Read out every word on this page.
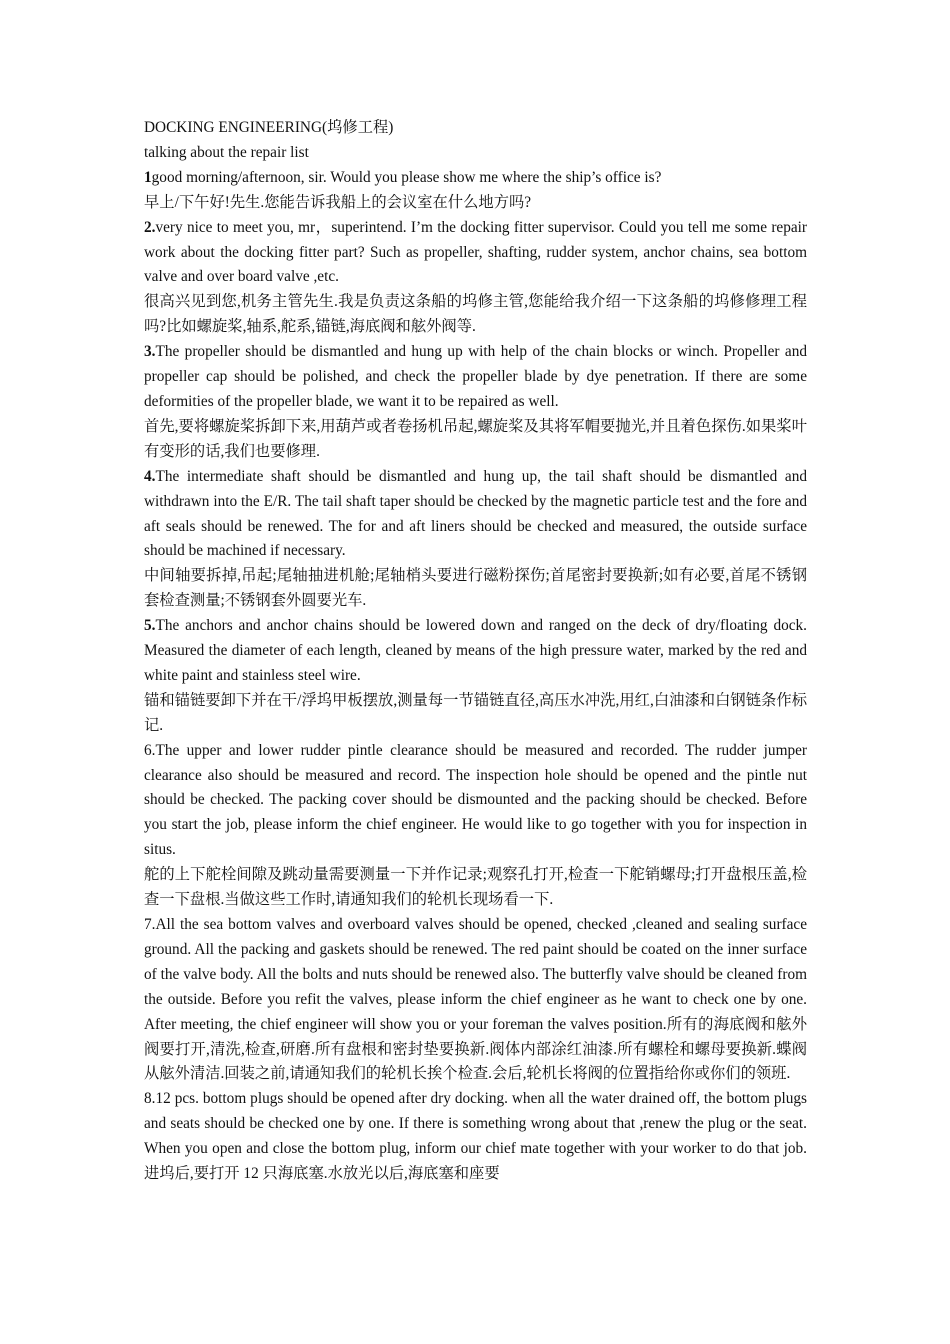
DOCKING ENGINEERING(坞修工程)

talking about the repair list

1good morning/afternoon, sir. Would you please show me where the ship’s office is?

早上/下午好!先生.您能告诉我船上的会议室在什么地方吗?

2.very nice to meet you, mr，superintend. I’m the docking fitter supervisor. Could you tell me some repair work about the docking fitter part? Such as propeller, shafting, rudder system, anchor chains, sea bottom valve and over board valve ,etc.

很高兴见到您,机务主管先生.我是负责这条船的坞修主管,您能给我介绍一下这条船的坞修修理工程吗?比如螺旋桨,轴系,舵系,锚链,海底阀和舷外阀等.

3.The propeller should be dismantled and hung up with help of the chain blocks or winch. Propeller and propeller cap should be polished, and check the propeller blade by dye penetration. If there are some deformities of the propeller blade, we want it to be repaired as well.

首先,要将螺旋桨拆卸下来,用葫芦或者卷扬机吊起,螺旋桨及其将军帽要抛光,并且着色探伤.如果桨叶有变形的话,我们也要修理.

4.The intermediate shaft should be dismantled and hung up, the tail shaft should be dismantled and withdrawn into the E/R. The tail shaft taper should be checked by the magnetic particle test and the fore and aft seals should be renewed. The for and aft liners should be checked and measured, the outside surface should be machined if necessary.

中间轴要拆掉,吊起;尾轴抽进机舱;尾轴梢头要进行磁粉探伤;首尾密封要换新;如有必要,首尾不锈钢套检查测量;不锈钢套外圆要光车.

5.The anchors and anchor chains should be lowered down and ranged on the deck of dry/floating dock. Measured the diameter of each length, cleaned by means of the high pressure water, marked by the red and white paint and stainless steel wire.

锚和锚链要卸下并在干/浮坞甲板摆放,测量每一节锚链直径,高压水冲洗,用红,白油漆和白钢链条作标记.

6.The upper and lower rudder pintle clearance should be measured and recorded. The rudder jumper clearance also should be measured and record. The inspection hole should be opened and the pintle nut should be checked. The packing cover should be dismounted and the packing should be checked. Before you start the job, please inform the chief engineer. He would like to go together with you for inspection in situs.

舵的上下舵栓间隙及跳动量需要测量一下并作记录;观察孔打开,检查一下舵销螺母;打开盘根压盖,检查一下盘根.当做这些工作时,请通知我们的轮机长现场看一下.

7.All the sea bottom valves and overboard valves should be opened, checked ,cleaned and sealing surface ground. All the packing and gaskets should be renewed. The red paint should be coated on the inner surface of the valve body. All the bolts and nuts should be renewed also. The butterfly valve should be cleaned from the outside. Before you refit the valves, please inform the chief engineer as he want to check one by one. After meeting, the chief engineer will show you or your foreman the valves position.所有的海底阀和舷外阀要打开,清洗,检查,研磨.所有盘根和密封垫要换新.阀体内部涂红油漆.所有螺栓和螺母要换新.蝶阀从舷外清洁.回装之前,请通知我们的轮机长挨个检查.会后,轮机长将阀的位置指给你或你们的领班.

8.12 pcs. bottom plugs should be opened after dry docking. when all the water drained off, the bottom plugs and seats should be checked one by one. If there is something wrong about that ,renew the plug or the seat. When you open and close the bottom plug, inform our chief mate together with your worker to do that job.进坞后,要打开 12 只海底塞.水放光以后,海底塞和座要
